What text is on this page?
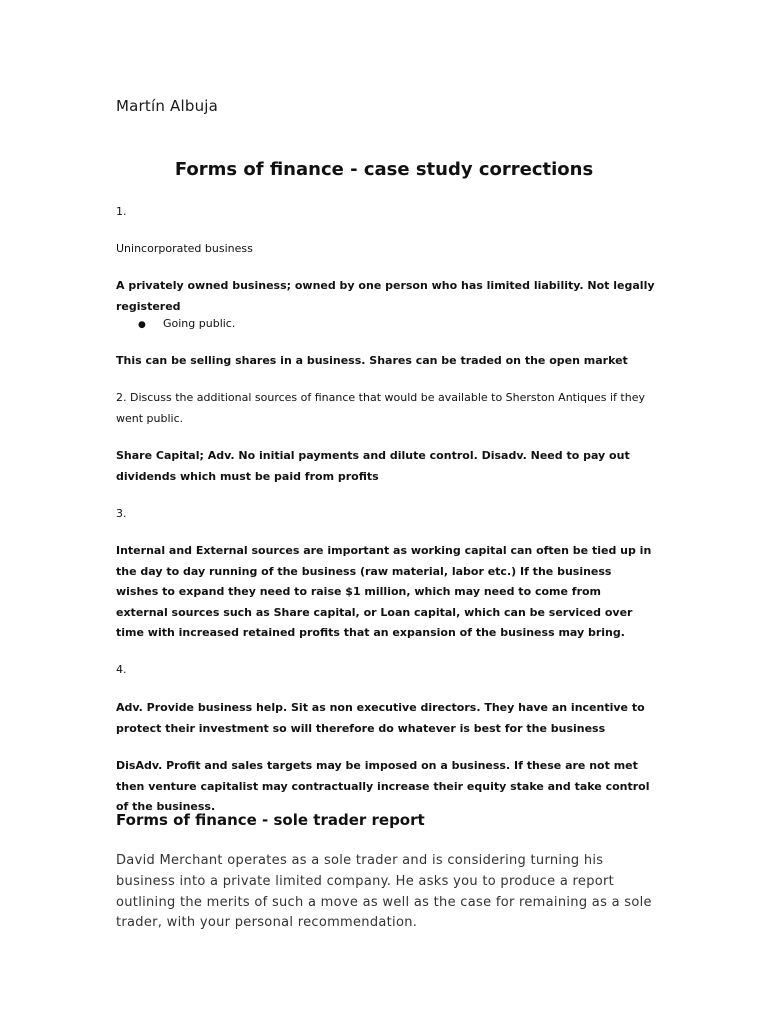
Martín Albuja
Forms of finance - case study corrections
1.
Unincorporated business
A privately owned business; owned by one person who has limited liability. Not legally registered
● Going public.
This can be selling shares in a business. Shares can be traded on the open market
2. Discuss the additional sources of finance that would be available to Sherston Antiques if they went public.
Share Capital; Adv. No initial payments and dilute control. Disadv. Need to pay out dividends which must be paid from profits
3.
Internal and External sources are important as working capital can often be tied up in the day to day running of the business (raw material, labor etc.) If the business wishes to expand they need to raise $1 million, which may need to come from external sources such as Share capital, or Loan capital, which can be serviced over time with increased retained profits that an expansion of the business may bring.
4.
Adv. Provide business help. Sit as non executive directors. They have an incentive to protect their investment so will therefore do whatever is best for the business
DisAdv. Profit and sales targets may be imposed on a business. If these are not met then venture capitalist may contractually increase their equity stake and take control of the business.
Forms of finance - sole trader report
David Merchant operates as a sole trader and is considering turning his business into a private limited company. He asks you to produce a report outlining the merits of such a move as well as the case for remaining as a sole trader, with your personal recommendation.
